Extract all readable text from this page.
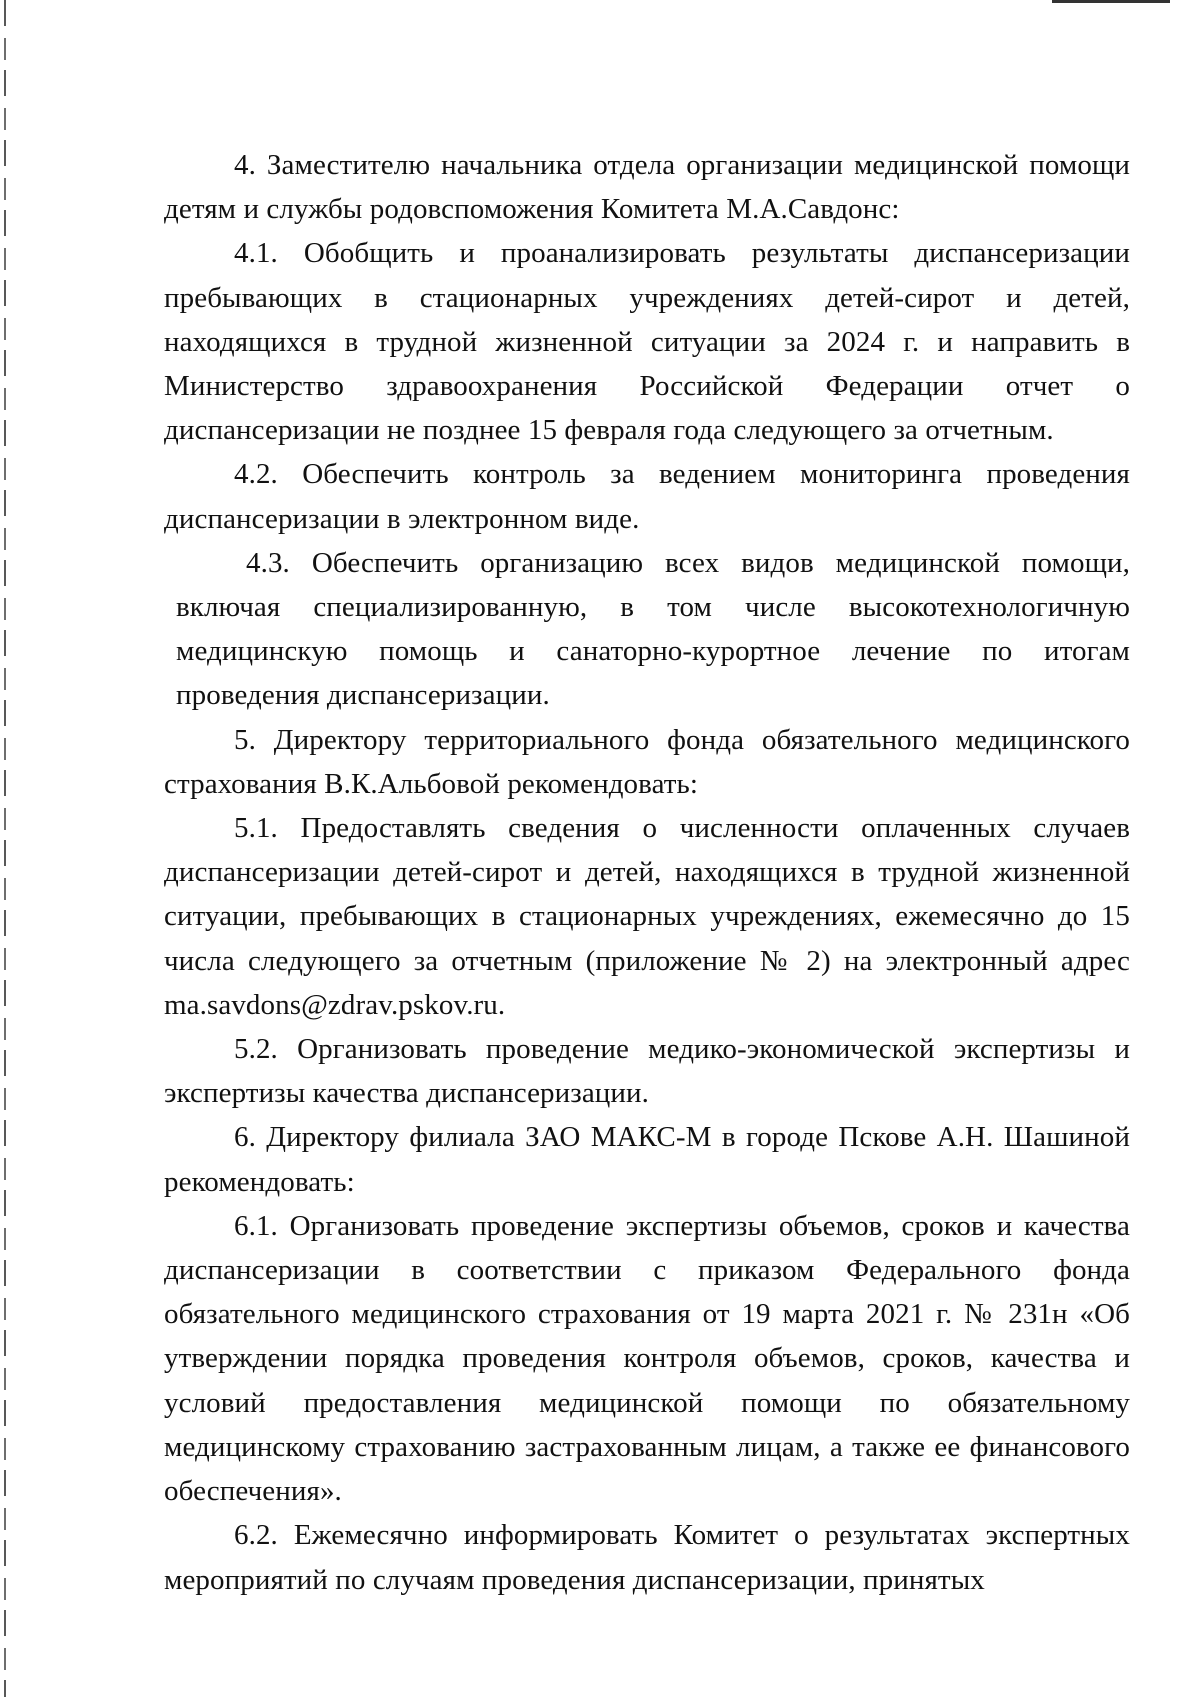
4. Заместителю начальника отдела организации медицинской помощи детям и службы родовспоможения Комитета М.А.Савдонс:

4.1. Обобщить и проанализировать результаты диспансеризации пребывающих в стационарных учреждениях детей-сирот и детей, находящихся в трудной жизненной ситуации за 2024 г. и направить в Министерство здравоохранения Российской Федерации отчет о диспансеризации не позднее 15 февраля года следующего за отчетным.

4.2. Обеспечить контроль за ведением мониторинга проведения диспансеризации в электронном виде.

4.3. Обеспечить организацию всех видов медицинской помощи, включая специализированную, в том числе высокотехнологичную медицинскую помощь и санаторно-курортное лечение по итогам проведения диспансеризации.

5. Директору территориального фонда обязательного медицинского страхования В.К.Альбовой рекомендовать:

5.1. Предоставлять сведения о численности оплаченных случаев диспансеризации детей-сирот и детей, находящихся в трудной жизненной ситуации, пребывающих в стационарных учреждениях, ежемесячно до 15 числа следующего за отчетным (приложение № 2) на электронный адрес ma.savdons@zdrav.pskov.ru.

5.2. Организовать проведение медико-экономической экспертизы и экспертизы качества диспансеризации.

6. Директору филиала ЗАО МАКС-М в городе Пскове А.Н. Шашиной рекомендовать:

6.1. Организовать проведение экспертизы объемов, сроков и качества диспансеризации в соответствии с приказом Федерального фонда обязательного медицинского страхования от 19 марта 2021 г. № 231н «Об утверждении порядка проведения контроля объемов, сроков, качества и условий предоставления медицинской помощи по обязательному медицинскому страхованию застрахованным лицам, а также ее финансового обеспечения».

6.2. Ежемесячно информировать Комитет о результатах экспертных мероприятий по случаям проведения диспансеризации, принятых
